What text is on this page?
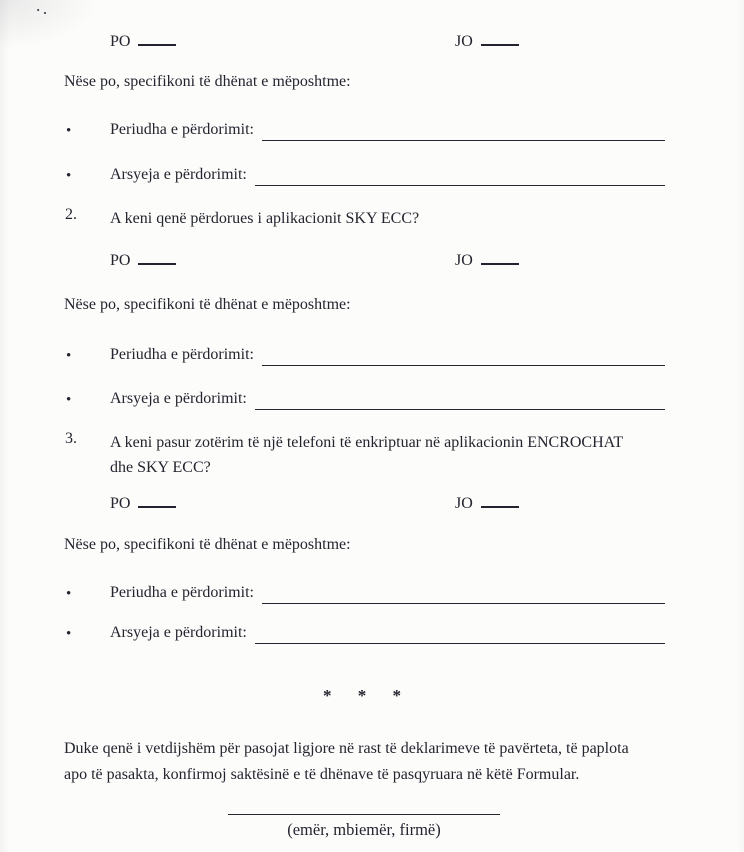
·.
PO	JO
Nëse po, specifikoni të dhënat e mëposhtme:
•	Periudha e përdorimit:
•	Arsyeja e përdorimit:
2. A keni qenë përdorues i aplikacionit SKY ECC?
PO	JO
Nëse po, specifikoni të dhënat e mëposhtme:
•	Periudha e përdorimit:
•	Arsyeja e përdorimit:
3. A keni pasur zotërim të një telefoni të enkriptuar në aplikacionin ENCROCHAT
dhe SKY ECC?
PO	JO
Nëse po, specifikoni të dhënat e mëposhtme:
•	Periudha e përdorimit:
•	Arsyeja e përdorimit:
* * *
Duke qenë i vetdijshëm për pasojat ligjore në rast të deklarimeve të pavërteta, të paplota
apo të pasakta, konfirmoj saktësinë e të dhënave të pasqyruara në këtë Formular.
(emër, mbiemër, firmë)
